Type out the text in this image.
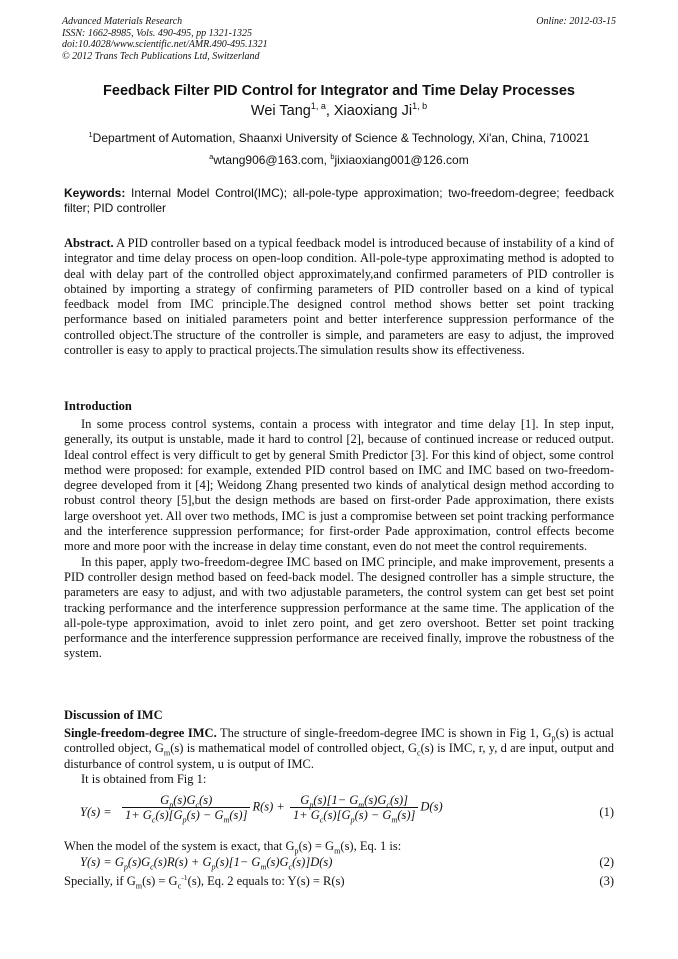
Advanced Materials Research
ISSN: 1662-8985, Vols. 490-495, pp 1321-1325
doi:10.4028/www.scientific.net/AMR.490-495.1321
© 2012 Trans Tech Publications Ltd, Switzerland
Online: 2012-03-15
Feedback Filter PID Control for Integrator and Time Delay Processes
Wei Tang$^{1, a}$, Xiaoxiang Ji$^{1, b}$
$^1$Department of Automation, Shaanxi University of Science & Technology, Xi'an, China, 710021
$^a$wtang906@163.com, $^b$jixiaoxiang001@126.com
Keywords: Internal Model Control(IMC); all-pole-type approximation; two-freedom-degree; feedback filter; PID controller
Abstract. A PID controller based on a typical feedback model is introduced because of instability of a kind of integrator and time delay process on open-loop condition. All-pole-type approximating method is adopted to deal with delay part of the controlled object approximately,and confirmed parameters of PID controller is obtained by importing a strategy of confirming parameters of PID controller based on a kind of typical feedback model from IMC principle.The designed control method shows better set point tracking performance based on initialed parameters point and better interference suppression performance of the controlled object.The structure of the controller is simple, and parameters are easy to adjust, the improved controller is easy to apply to practical projects.The simulation results show its effectiveness.
Introduction

In some process control systems, contain a process with integrator and time delay [1]. In step input, generally, its output is unstable, made it hard to control [2], because of continued increase or reduced output. Ideal control effect is very difficult to get by general Smith Predictor [3]. For this kind of object, some control method were proposed: for example, extended PID control based on IMC and IMC based on two-freedom-degree developed from it [4]; Weidong Zhang presented two kinds of analytical design method according to robust control theory [5],but the design methods are based on first-order Pade approximation, there exists large overshoot yet. All over two methods, IMC is just a compromise between set point tracking performance and the interference suppression performance; for first-order Pade approximation, control effects become more and more poor with the increase in delay time constant, even do not meet the control requirements.

In this paper, apply two-freedom-degree IMC based on IMC principle, and make improvement, presents a PID controller design method based on feed-back model. The designed controller has a simple structure, the parameters are easy to adjust, and with two adjustable parameters, the control system can get best set point tracking performance and the interference suppression performance at the same time. The application of the all-pole-type approximation, avoid to inlet zero point, and get zero overshoot. Better set point tracking performance and the interference suppression performance are received finally, improve the robustness of the system.

Discussion of IMC
Single-freedom-degree IMC. The structure of single-freedom-degree IMC is shown in Fig 1, $G_p(s)$ is actual controlled object, $G_m(s)$ is mathematical model of controlled object, $G_c(s)$ is IMC, r, y, d are input, output and disturbance of control system, u is output of IMC.
It is obtained from Fig 1:
$Y(s) = \frac{G_p(s)G_c(s)}{1+ G_c(s)[G_p(s) - G_m(s)]} R(s) + \frac{G_p(s)[1- G_m(s)G_c(s)]}{1+ G_c(s)[G_p(s) - G_m(s)]} D(s)$	(1)
When the model of the system is exact, that $G_p(s) = G_m(s)$, Eq. 1 is:
$Y(s) = G_p(s)G_c(s)R(s) + G_p(s)[1- G_m(s)G_c(s)]D(s)$	(2)
Specially, if $G_m(s) = G_c^{-1}(s)$, Eq. 2 equals to: Y(s) = R(s)	(3)
